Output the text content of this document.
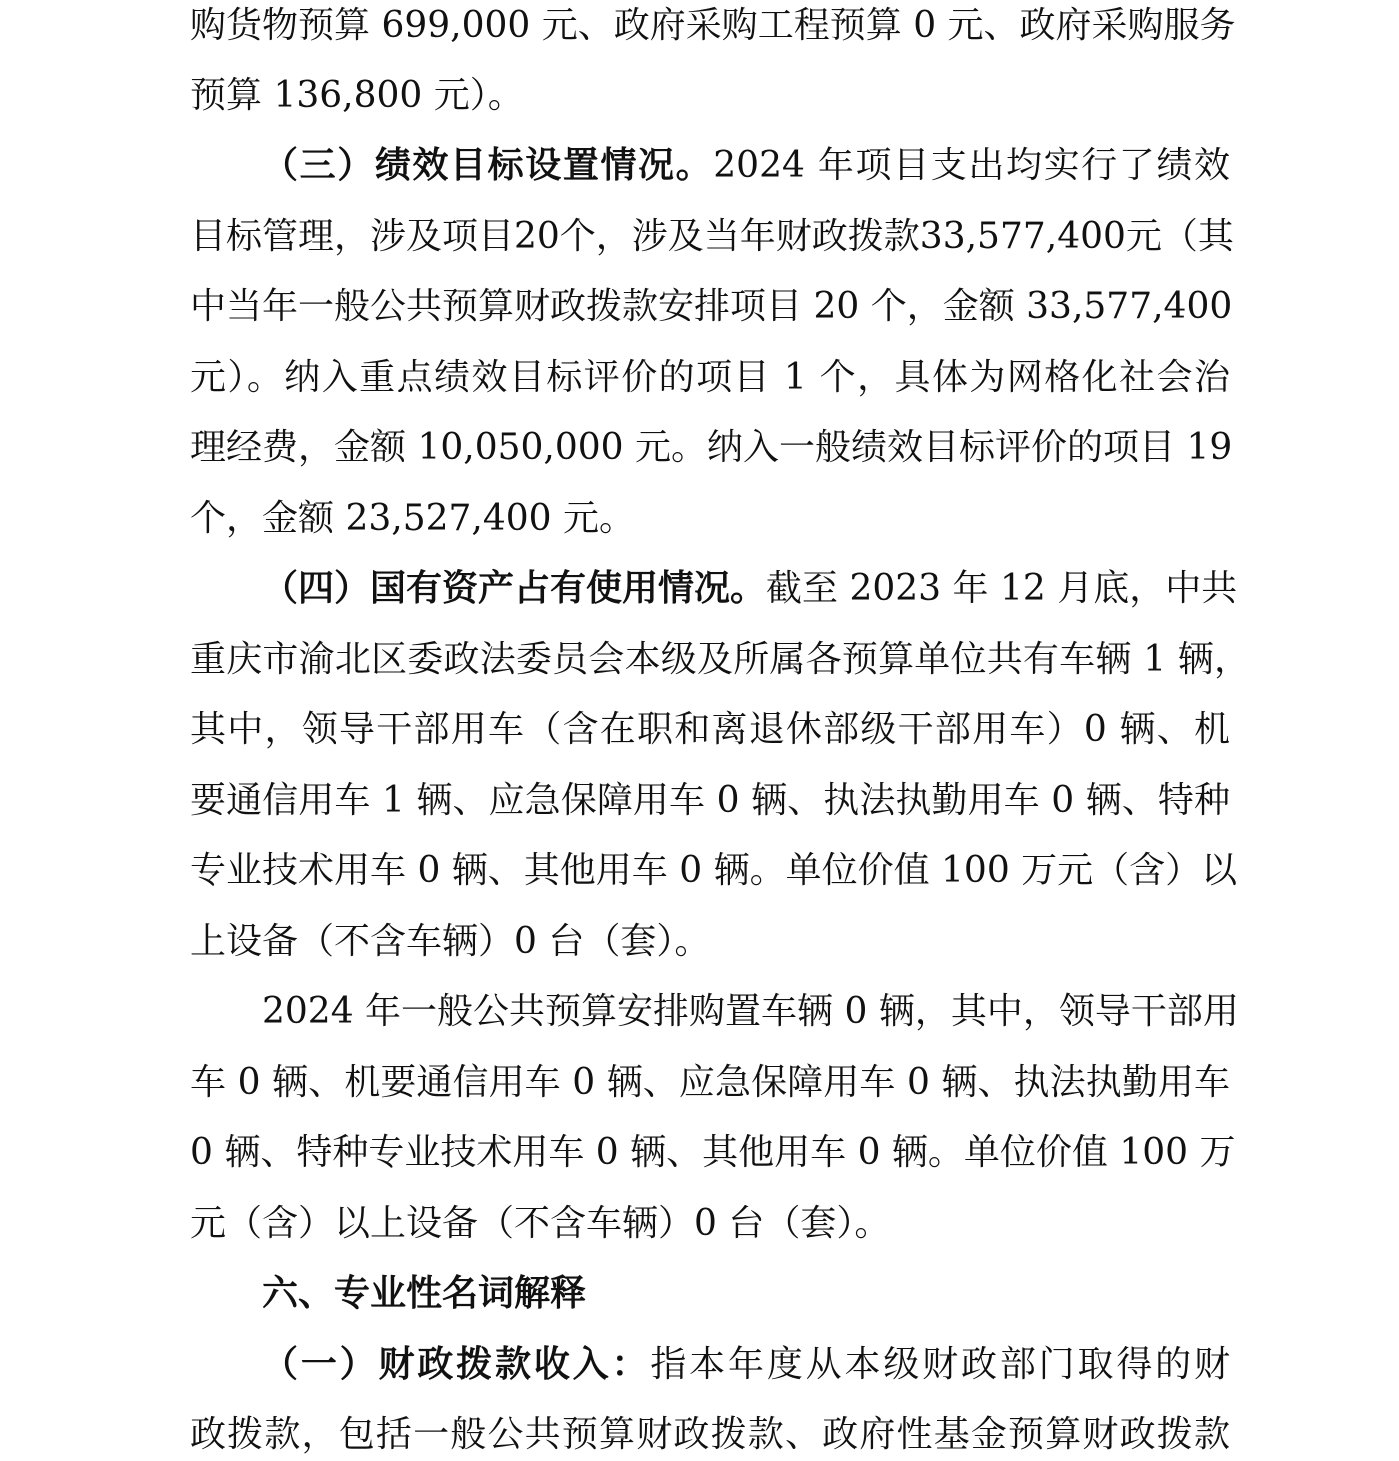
购货物预算 699,000 元、政府采购工程预算 0 元、政府采购服务
预算 136,800 元）。
（三）绩效目标设置情况。2024 年项目支出均实行了绩效
目标管理，涉及项目20个，涉及当年财政拨款33,577,400元（其
中当年一般公共预算财政拨款安排项目 20 个，金额 33,577,400
元）。纳入重点绩效目标评价的项目 1 个，具体为网格化社会治
理经费，金额 10,050,000 元。纳入一般绩效目标评价的项目 19
个，金额 23,527,400 元。
（四）国有资产占有使用情况。截至 2023 年 12 月底，中共
重庆市渝北区委政法委员会本级及所属各预算单位共有车辆 1 辆，
其中，领导干部用车（含在职和离退休部级干部用车）0 辆、机
要通信用车 1 辆、应急保障用车 0 辆、执法执勤用车 0 辆、特种
专业技术用车 0 辆、其他用车 0 辆。单位价值 100 万元（含）以
上设备（不含车辆）0 台（套）。
2024 年一般公共预算安排购置车辆 0 辆，其中，领导干部用
车 0 辆、机要通信用车 0 辆、应急保障用车 0 辆、执法执勤用车
0 辆、特种专业技术用车 0 辆、其他用车 0 辆。单位价值 100 万
元（含）以上设备（不含车辆）0 台（套）。
六、专业性名词解释
（一）财政拨款收入：指本年度从本级财政部门取得的财
政拨款，包括一般公共预算财政拨款、政府性基金预算财政拨款
